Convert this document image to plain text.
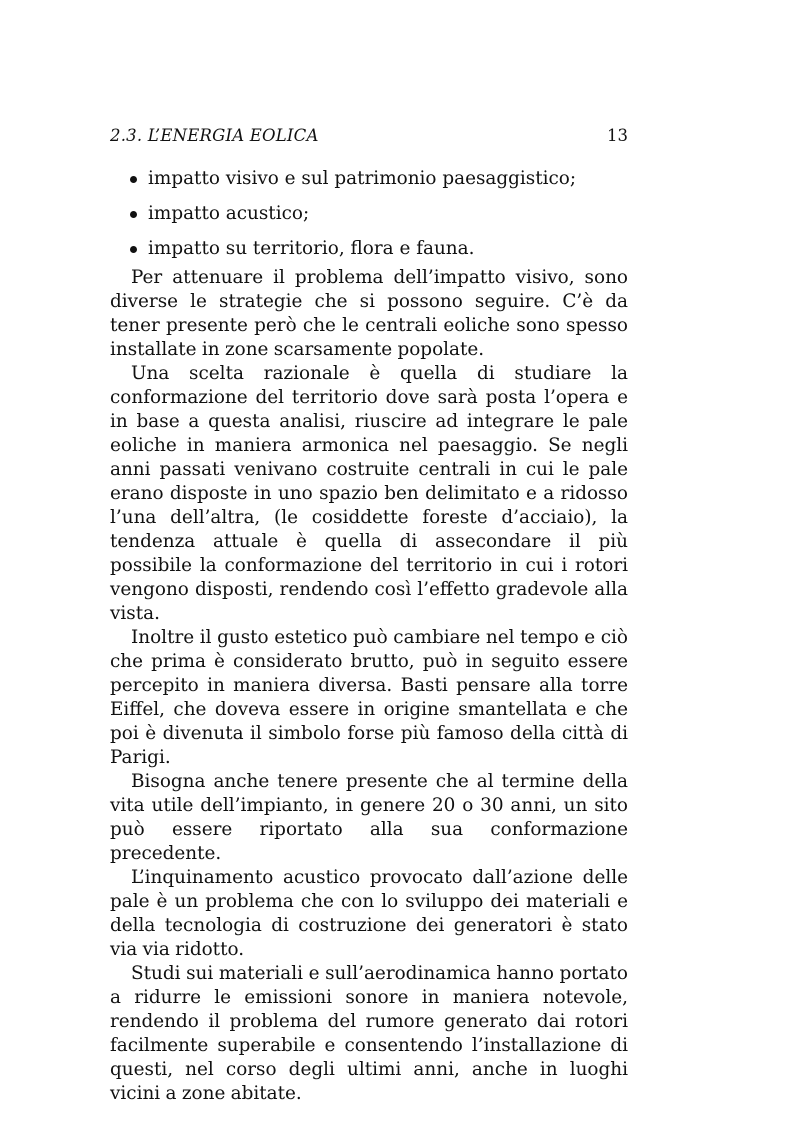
2.3. L’ENERGIA EOLICA	13
impatto visivo e sul patrimonio paesaggistico;
impatto acustico;
impatto su territorio, flora e fauna.

Per attenuare il problema dell’impatto visivo, sono diverse le strategie che si possono seguire. C’è da tener presente però che le centrali eoliche sono spesso installate in zone scarsamente popolate.

Una scelta razionale è quella di studiare la conformazione del territorio dove sarà posta l’opera e in base a questa analisi, riuscire ad integrare le pale eoliche in maniera armonica nel paesaggio. Se negli anni passati venivano costruite centrali in cui le pale erano disposte in uno spazio ben delimitato e a ridosso l’una dell’altra, (le cosiddette foreste d’acciaio), la tendenza attuale è quella di assecondare il più possibile la conformazione del territorio in cui i rotori vengono disposti, rendendo così l’effetto gradevole alla vista.

Inoltre il gusto estetico può cambiare nel tempo e ciò che prima è considerato brutto, può in seguito essere percepito in maniera diversa. Basti pensare alla torre Eiffel, che doveva essere in origine smantellata e che poi è divenuta il simbolo forse più famoso della città di Parigi.

Bisogna anche tenere presente che al termine della vita utile dell’impianto, in genere 20 o 30 anni, un sito può essere riportato alla sua conformazione precedente.

L’inquinamento acustico provocato dall’azione delle pale è un problema che con lo sviluppo dei materiali e della tecnologia di costruzione dei generatori è stato via via ridotto.

Studi sui materiali e sull’aerodinamica hanno portato a ridurre le emissioni sonore in maniera notevole, rendendo il problema del rumore generato dai rotori facilmente superabile e consentendo l’installazione di questi, nel corso degli ultimi anni, anche in luoghi vicini a zone abitate.
